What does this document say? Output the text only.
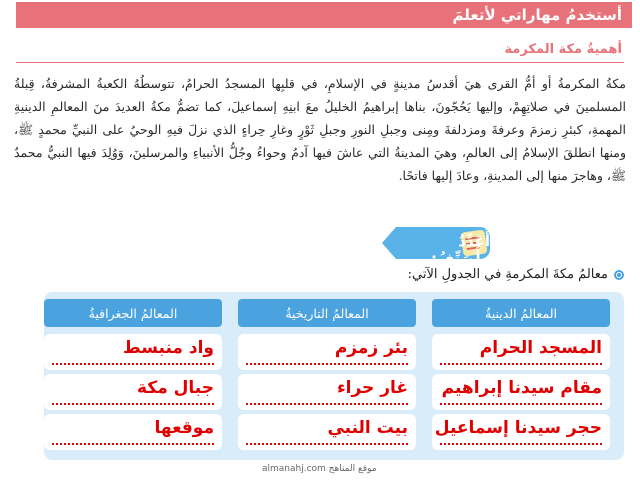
أستخدمُ مهاراتي لأتعلمَ
أهميةُ مكة المكرمة

مكةُ المكرمةُ أو أمُّ القرى هيَ أقدسُ مدينةٍ في الإسلامِ، في قلبِها المسجدُ الحرامُ، تتوسطُهُ الكعبةُ المشرفةُ، قِبلةُ المسلمينَ في صلاتِهِمْ، وإليها يَحُجّونَ، بناها إبراهيمُ الخليلُ معَ ابنِهِ إسماعيلَ، كما تضمُّ مكةُ العديدَ منَ المعالمِ الدينيةِ المهمةِ، كبئرِ زمزمَ وعرفةَ ومزدلفةَ ومِنى وجبلِ النورِ وجبلِ ثَوْرٍ وغارِ حِراءٍ الذي نزلَ فيهِ الوحيُ على النبيِّ محمدٍ ﷺ، ومنها انطلقَ الإسلامُ إلى العالمِ، وهيَ المدينةُ التي عاشَ فيها آدمُ وحواءُ وجُلُّ الأنبياءِ والمرسلينَ، وَوُلِدَ فيها النبيُّ محمدٌ ﷺ، وهاجرَ منها إلى المدينةِ، وعادَ إليها فاتحًا.

أُعَدِّدُ وأُصَنِّفُ:
معالمُ مكةَ المكرمةِ في الجدولِ الآتي:
المعالمُ الدينيةُ
المعالمُ التاريخيةُ
المعالمُ الجغرافيةُ
المسجد الحرام
بئر زمزم
واد منبسط
مقام سيدنا إبراهيم
غار حراء
جبال مكة
حجر سيدنا إسماعيل
بيت النبي
موقعها
almanahj.com موقع المناهج
